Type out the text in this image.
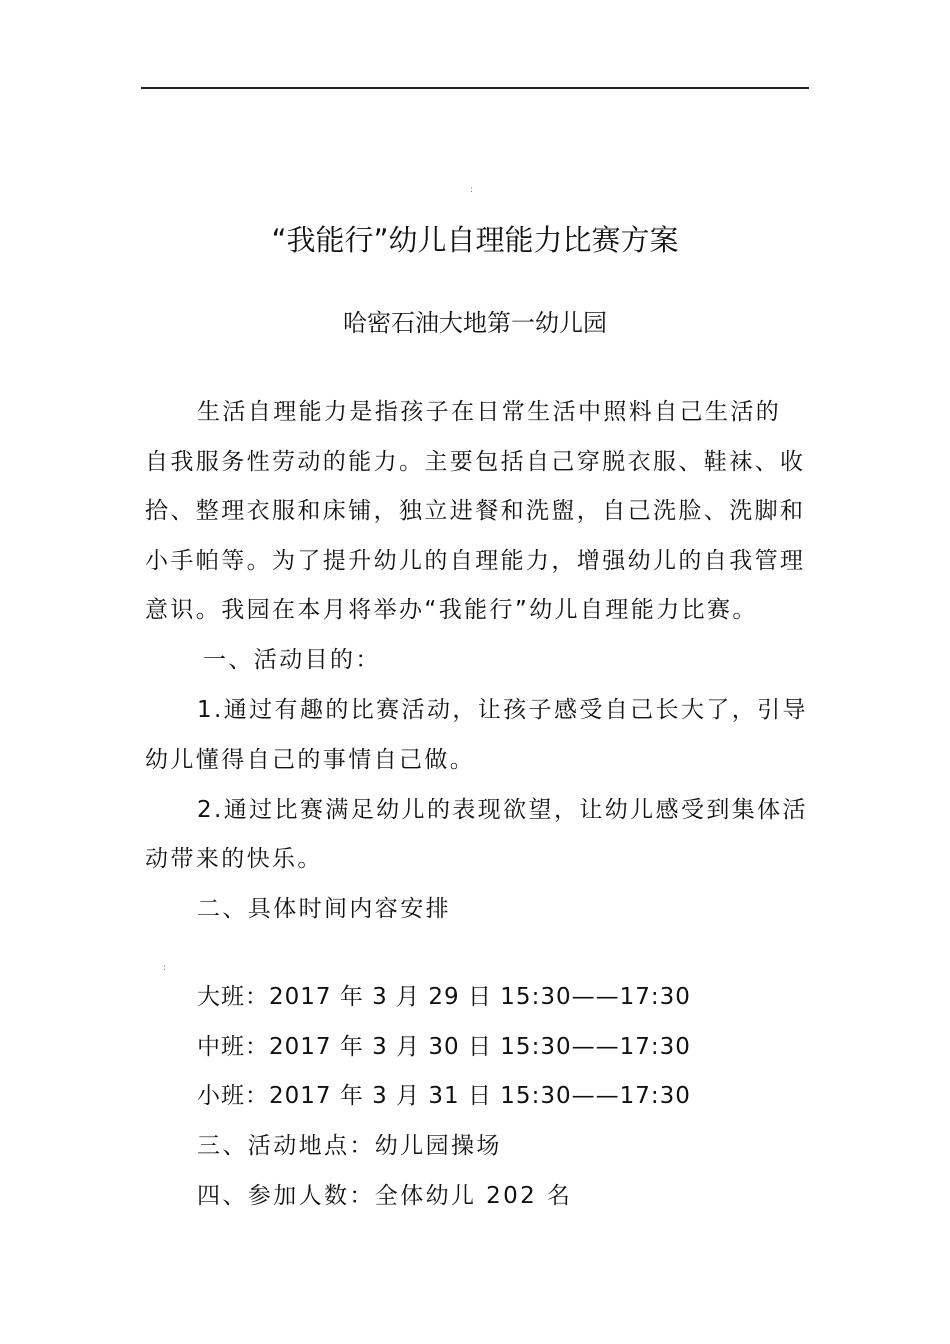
:
“我能行”幼儿自理能力比赛方案
哈密石油大地第一幼儿园
生活自理能力是指孩子在日常生活中照料自己生活的
自我服务性劳动的能力。主要包括自己穿脱衣服、鞋袜、收
拾、整理衣服和床铺，独立进餐和洗盥，自己洗脸、洗脚和
小手帕等。为了提升幼儿的自理能力，增强幼儿的自我管理
意识。我园在本月将举办“我能行”幼儿自理能力比赛。
一、活动目的：
1.通过有趣的比赛活动，让孩子感受自己长大了，引导
幼儿懂得自己的事情自己做。
2.通过比赛满足幼儿的表现欲望，让幼儿感受到集体活
动带来的快乐。
二、具体时间内容安排
:
大班：2017 年 3 月 29 日 15:30——17:30
中班：2017 年 3 月 30 日 15:30——17:30
小班：2017 年 3 月 31 日 15:30——17:30
三、活动地点：幼儿园操场
四、参加人数：全体幼儿 202 名
